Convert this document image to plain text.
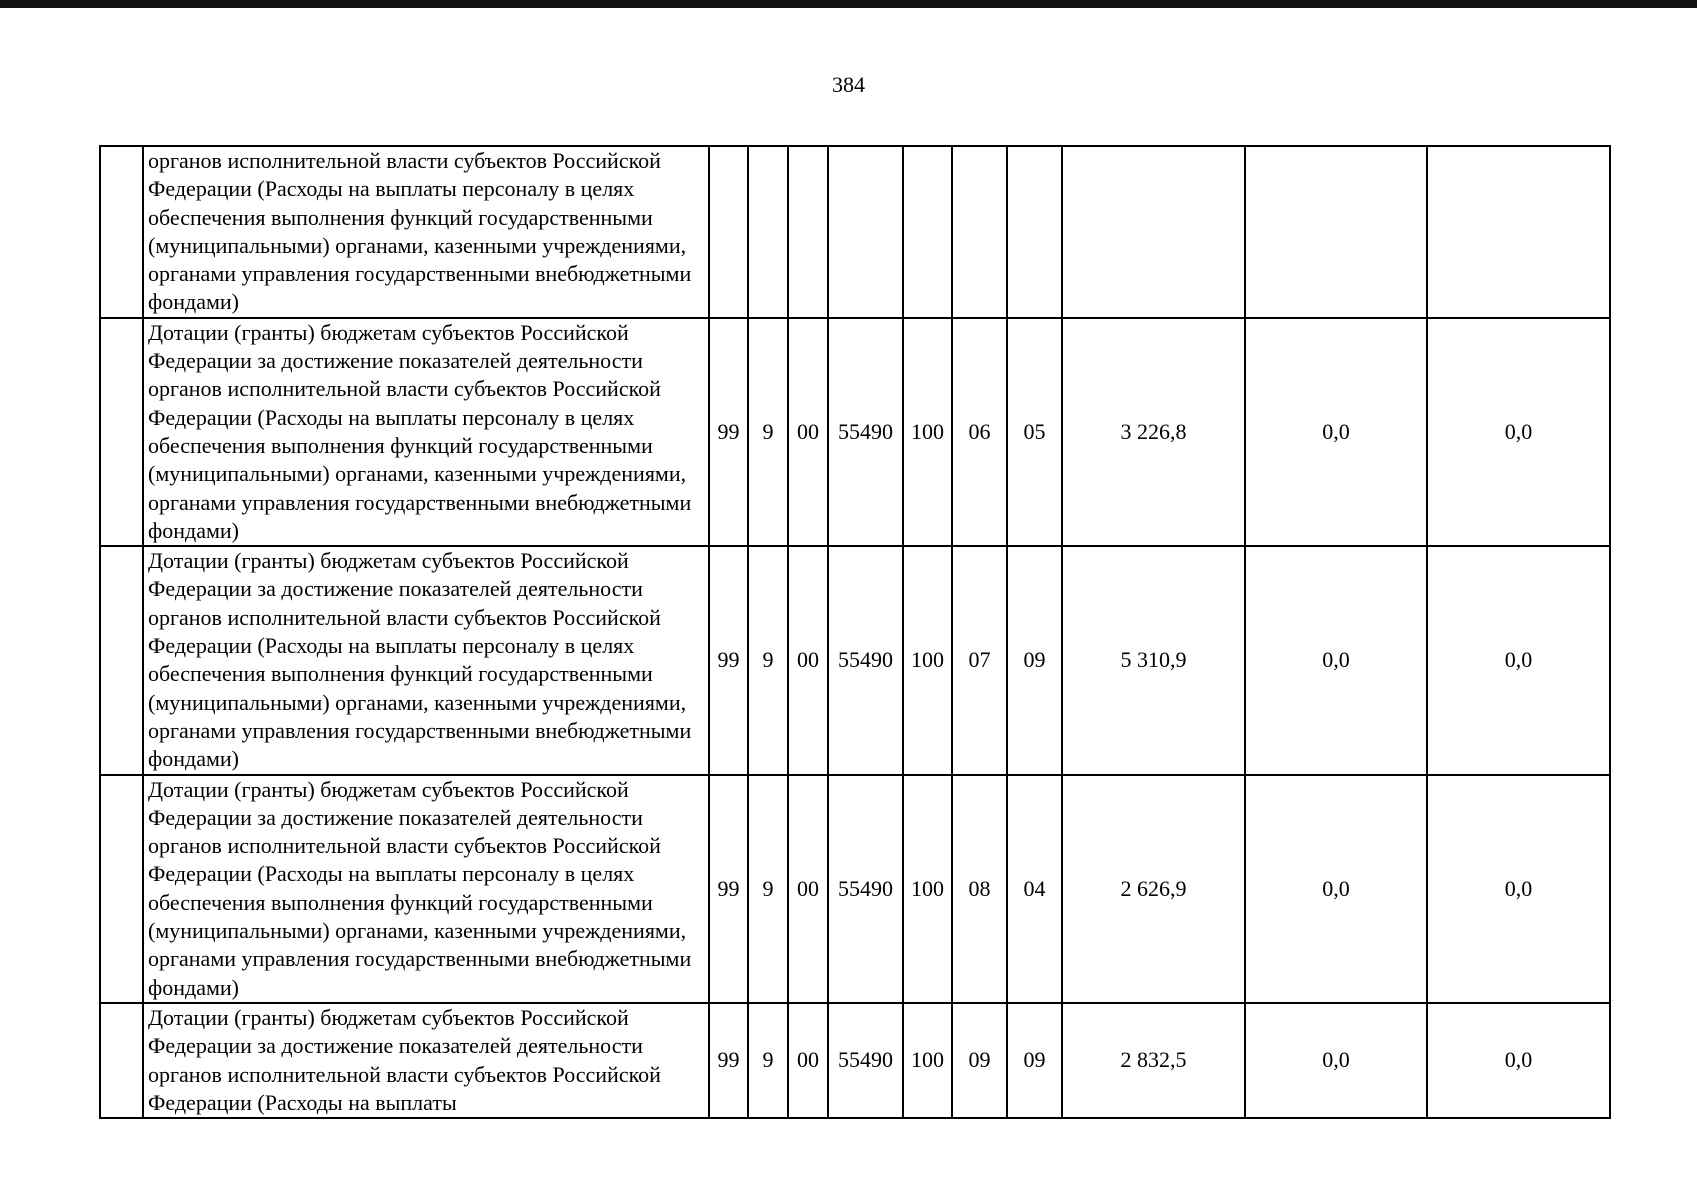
384
	органов исполнительной власти субъектов Российской Федерации (Расходы на выплаты персоналу в целях обеспечения выполнения функций государственными (муниципальными) органами, казенными учреждениями, органами управления государственными внебюджетными фондами)										
	Дотации (гранты) бюджетам субъектов Российской Федерации за достижение показателей деятельности органов исполнительной власти субъектов Российской Федерации (Расходы на выплаты персоналу в целях обеспечения выполнения функций государственными (муниципальными) органами, казенными учреждениями, органами управления государственными внебюджетными фондами)	99	9	00	55490	100	06	05	3 226,8	0,0	0,0
	Дотации (гранты) бюджетам субъектов Российской Федерации за достижение показателей деятельности органов исполнительной власти субъектов Российской Федерации (Расходы на выплаты персоналу в целях обеспечения выполнения функций государственными (муниципальными) органами, казенными учреждениями, органами управления государственными внебюджетными фондами)	99	9	00	55490	100	07	09	5 310,9	0,0	0,0
	Дотации (гранты) бюджетам субъектов Российской Федерации за достижение показателей деятельности органов исполнительной власти субъектов Российской Федерации (Расходы на выплаты персоналу в целях обеспечения выполнения функций государственными (муниципальными) органами, казенными учреждениями, органами управления государственными внебюджетными фондами)	99	9	00	55490	100	08	04	2 626,9	0,0	0,0
	Дотации (гранты) бюджетам субъектов Российской Федерации за достижение показателей деятельности органов исполнительной власти субъектов Российской Федерации (Расходы на выплаты	99	9	00	55490	100	09	09	2 832,5	0,0	0,0
